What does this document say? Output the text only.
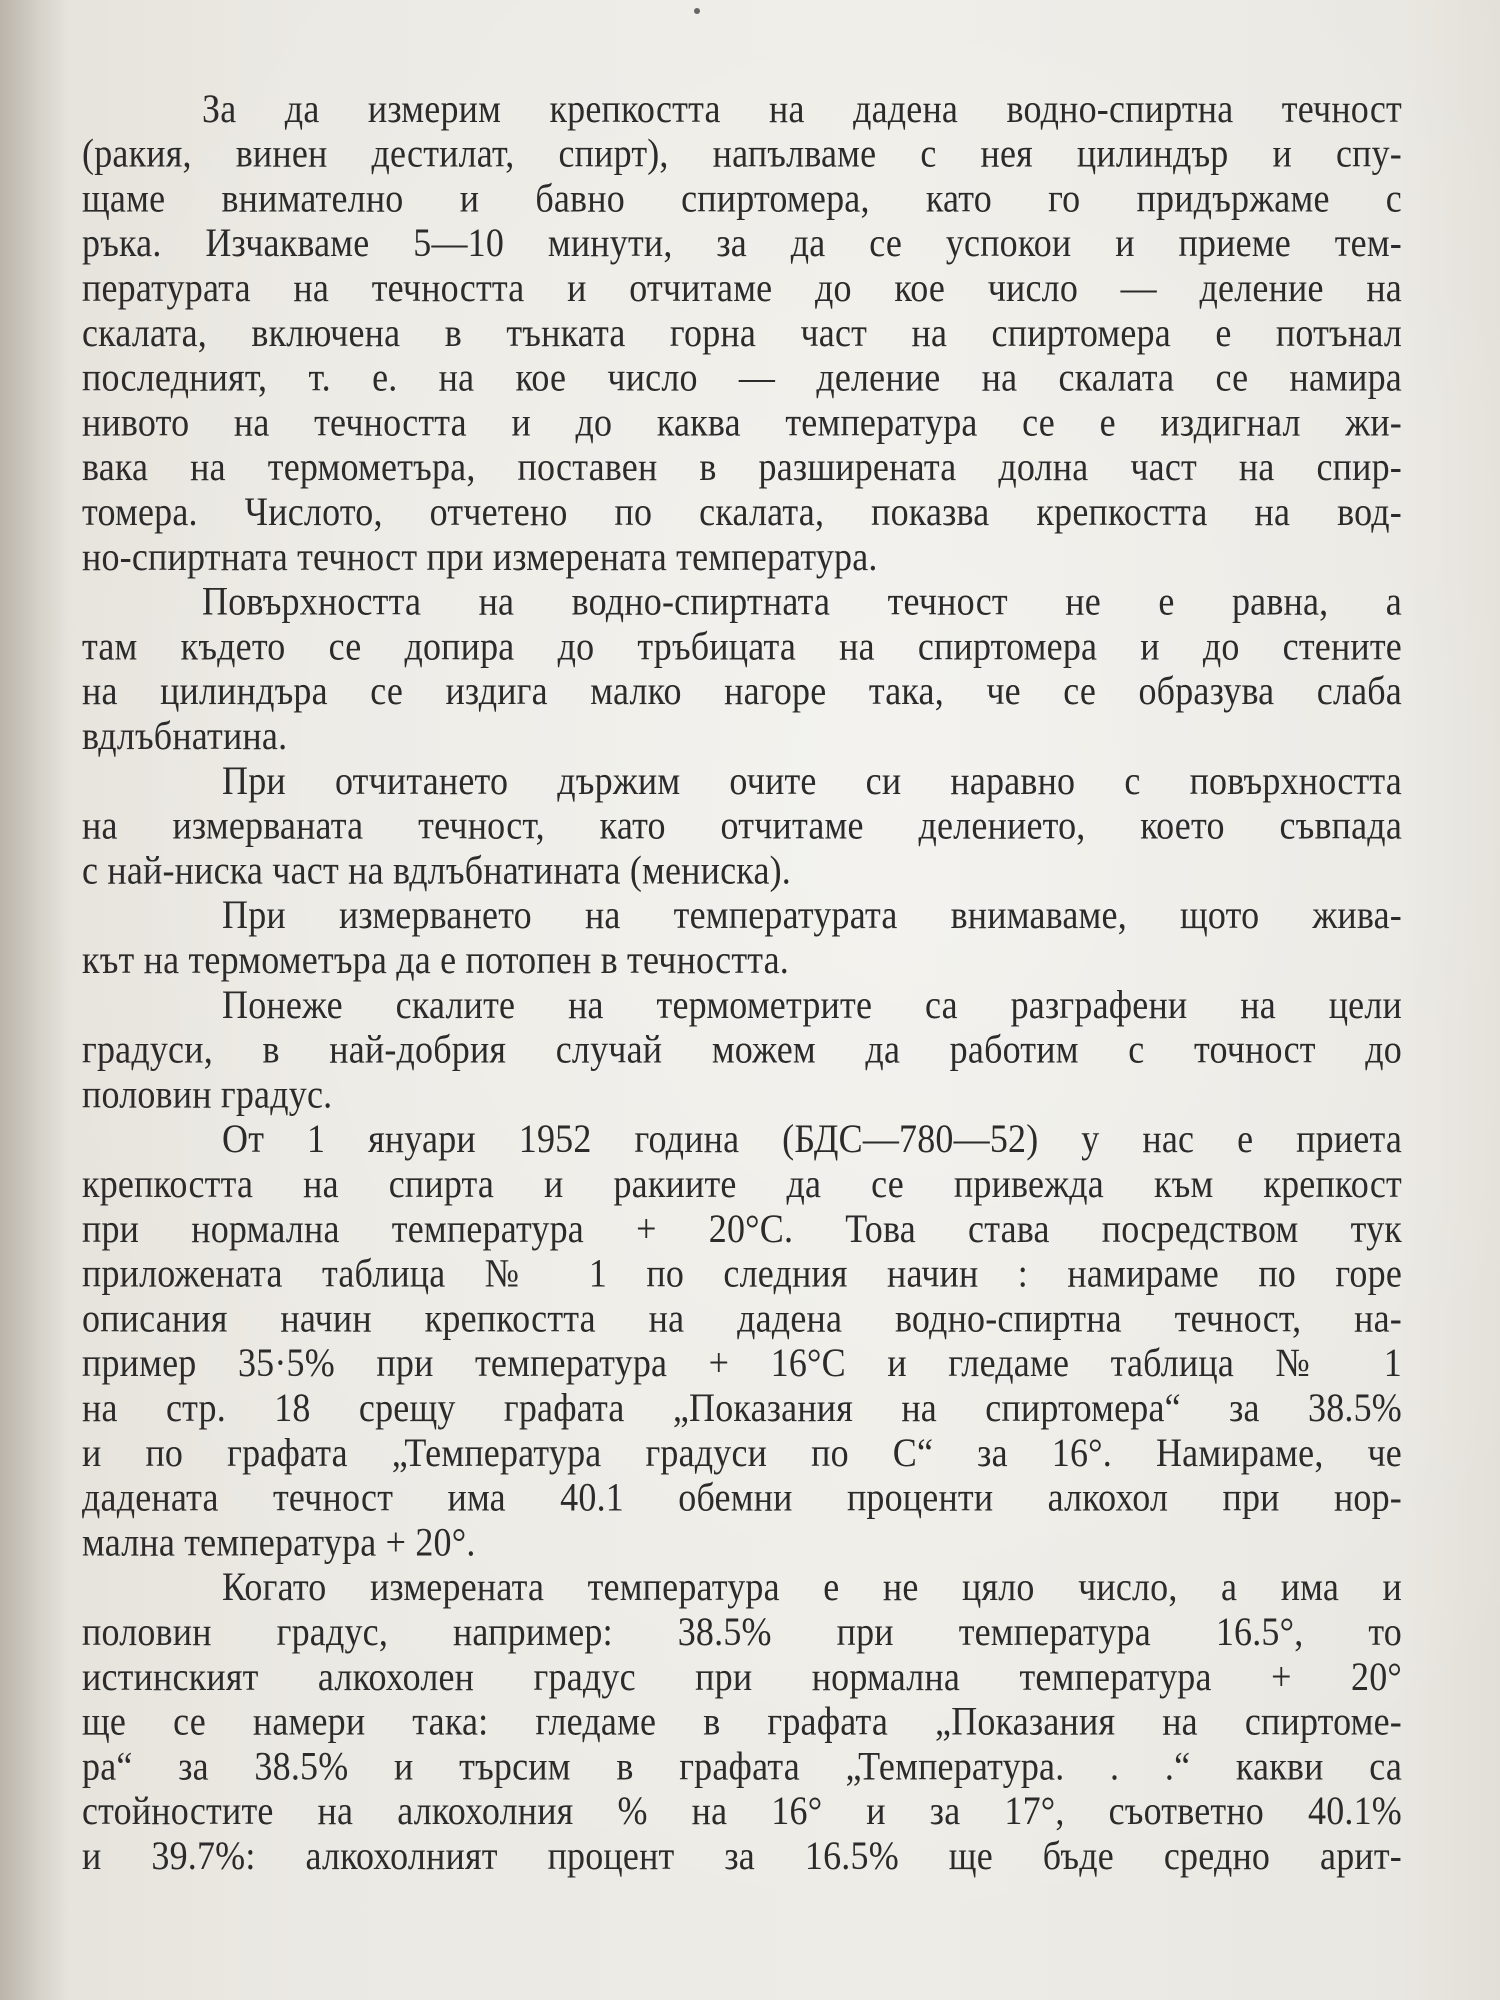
За да измерим крепкостта на дадена водно-спиртна течност
(ракия, винен дестилат, спирт), напълваме с нея цилиндър и спу-
щаме внимателно и бавно спиртомера, като го придържаме с
ръка. Изчакваме 5—10 минути, за да се успокои и приеме тем-
пературата на течността и отчитаме до кое число — деление на
скалата, включена в тънката горна част на спиртомера е потънал
последният, т. е. на кое число — деление на скалата се намира
нивото на течността и до каква температура се е издигнал жи-
вака на термометъра, поставен в разширената долна част на спир-
томера. Числото, отчетено по скалата, показва крепкостта на вод-
но-спиртната течност при измерената температура.
Повърхността на водно-спиртната течност не е равна, а
там където се допира до тръбицата на спиртомера и до стените
на цилиндъра се издига малко нагоре така, че се образува слаба
вдлъбнатина.
При отчитането държим очите си наравно с повърхността
на измерваната течност, като отчитаме делението, което съвпада
с най-ниска част на вдлъбнатината (мениска).
При измерването на температурата внимаваме, щото жива-
кът на термометъра да е потопен в течността.
Понеже скалите на термометрите са разграфени на цели
градуси, в най-добрия случай можем да работим с точност до
половин градус.
От 1 януари 1952 година (БДС—780—52) у нас е приета
крепкостта на спирта и ракиите да се привежда към крепкост
при нормална температура + 20°С. Това става посредством тук
приложената таблица № 1 по следния начин : намираме по горе
описания начин крепкостта на дадена водно-спиртна течност, на-
пример 35·5% при температура + 16°С и гледаме таблица № 1
на стр. 18 срещу графата „Показания на спиртомера“ за 38.5%
и по графата „Температура градуси по С“ за 16°. Намираме, че
дадената течност има 40.1 обемни проценти алкохол при нор-
мална температура + 20°.
Когато измерената температура е не цяло число, а има и
половин градус, например: 38.5% при температура 16.5°, то
истинският алкохолен градус при нормална температура + 20°
ще се намери така: гледаме в графата „Показания на спиртоме-
ра“ за 38.5% и търсим в графата „Температура. . .“ какви са
стойностите на алкохолния % на 16° и за 17°, съответно 40.1%
и 39.7%: алкохолният процент за 16.5% ще бъде средно арит-
